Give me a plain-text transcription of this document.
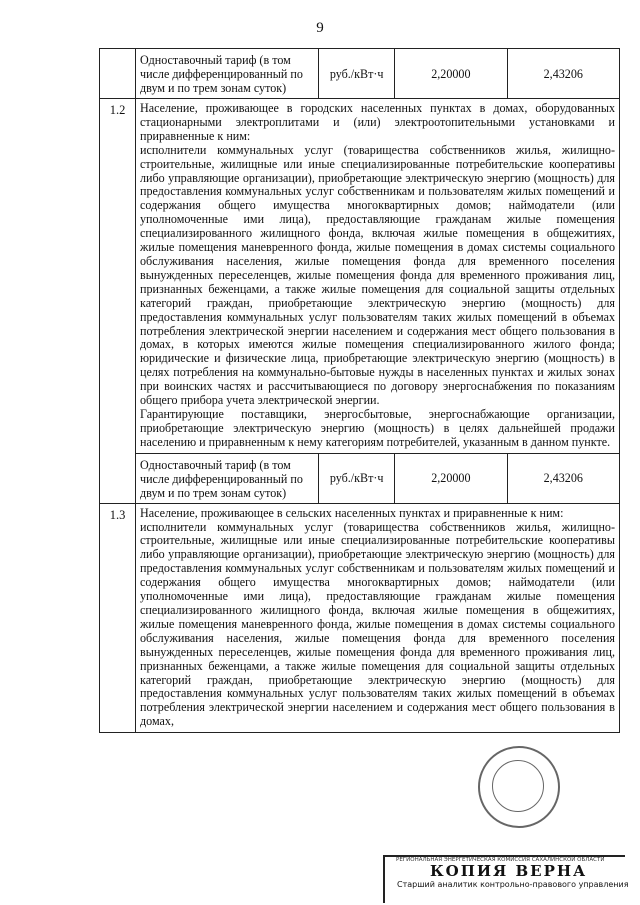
9

Одноставочный тариф (в том числе дифференцированный по двум и по трем зонам суток)	руб./кВт·ч	2,20000	2,43206

1.2	Население, проживающее в городских населенных пунктах в домах, оборудованных стационарными электроплитами и (или) электроотопительными установками и приравненные к ним:

исполнители коммунальных услуг (товарищества собственников жилья, жилищно-строительные, жилищные или иные специализированные потребительские кооперативы либо управляющие организации), приобретающие электрическую энергию (мощность) для предоставления коммунальных услуг собственникам и пользователям жилых помещений и содержания общего имущества многоквартирных домов; наймодатели (или уполномоченные ими лица), предоставляющие гражданам жилые помещения специализированного жилищного фонда, включая жилые помещения в общежитиях, жилые помещения маневренного фонда, жилые помещения в домах системы социального обслуживания населения, жилые помещения фонда для временного поселения вынужденных переселенцев, жилые помещения фонда для временного проживания лиц, признанных беженцами, а также жилые помещения для социальной защиты отдельных категорий граждан, приобретающие электрическую энергию (мощность) для предоставления коммунальных услуг пользователям таких жилых помещений в объемах потребления электрической энергии населением и содержания мест общего пользования в домах, в которых имеются жилые помещения специализированного жилого фонда; юридические и физические лица, приобретающие электрическую энергию (мощность) в целях потребления на коммунально-бытовые нужды в населенных пунктах и жилых зонах при воинских частях и рассчитывающиеся по договору энергоснабжения по показаниям общего прибора учета электрической энергии.

Гарантирующие поставщики, энергосбытовые, энергоснабжающие организации, приобретающие электрическую энергию (мощность) в целях дальнейшей продажи населению и приравненным к нему категориям потребителей, указанным в данном пункте.

Одноставочный тариф (в том числе дифференцированный по двум и по трем зонам суток)	руб./кВт·ч	2,20000	2,43206

1.3	Население, проживающее в сельских населенных пунктах и приравненные к ним:

исполнители коммунальных услуг (товарищества собственников жилья, жилищно-строительные, жилищные или иные специализированные потребительские кооперативы либо управляющие организации), приобретающие электрическую энергию (мощность) для предоставления коммунальных услуг собственникам и пользователям жилых помещений и содержания общего имущества многоквартирных домов; наймодатели (или уполномоченные ими лица), предоставляющие гражданам жилые помещения специализированного жилищного фонда, включая жилые помещения в общежитиях, жилые помещения маневренного фонда, жилые помещения в домах системы социального обслуживания населения, жилые помещения фонда для временного поселения вынужденных переселенцев, жилые помещения фонда для временного проживания лиц, признанных беженцами, а также жилые помещения для социальной защиты отдельных категорий граждан, приобретающие электрическую энергию (мощность) для предоставления коммунальных услуг пользователям таких жилых помещений в объемах потребления электрической энергии населением и содержания мест общего пользования в домах,

РЕГИОНАЛЬНАЯ ЭНЕРГЕТИЧЕСКАЯ КОМИССИЯ САХАЛИНСКОЙ ОБЛАСТИ
КОПИЯ ВЕРНА
Старший аналитик контрольно-правового управления
